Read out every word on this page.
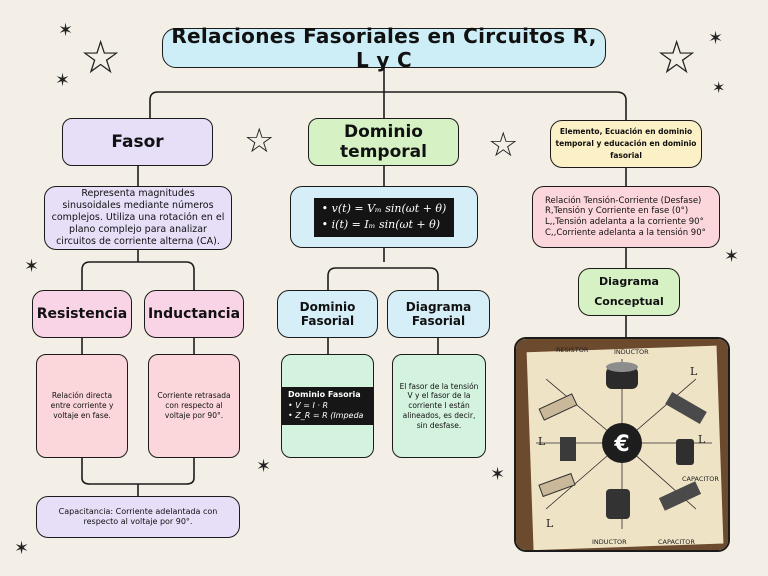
✶ ☆
✶	☆ ✶
✶
☆	☆
✶	✶
✶	✶
✶
Relaciones Fasoriales en Circuitos R, L y C
Fasor
Representa magnitudes sinusoidales mediante números complejos. Utiliza una rotación en el plano complejo para analizar circuitos de corriente alterna (CA).
Resistencia	Inductancia
Relación directa entre corriente y voltaje en fase.
Corriente retrasada con respecto al voltaje por 90°.
Capacitancia: Corriente adelantada con respecto al voltaje por 90°.
Dominio temporal
• v(t) = Vₘ sin(ωt + θ)
• i(t) = Iₘ sin(ωt + θ)
Dominio Fasorial
Diagrama Fasorial
Dominio Fasoria
• V = I · R
• Z_R = R (Impeda
El fasor de la tensión V y el fasor de la corriente I están alineados, es decir, sin desfase.
Elemento, Ecuación en dominio temporal y educación en dominio fasorial
Relación Tensión-Corriente (Desfase)
R,Tensión y Corriente en fase (0°)
L,,Tensión adelanta a la corriente 90°
C,,Corriente adelanta a la tensión 90°
Diagrama Conceptual
€
RESISTOR	INDUCTOR
CAPACITOR
INDUCTOR	CAPACITOR
L
L	L
L
